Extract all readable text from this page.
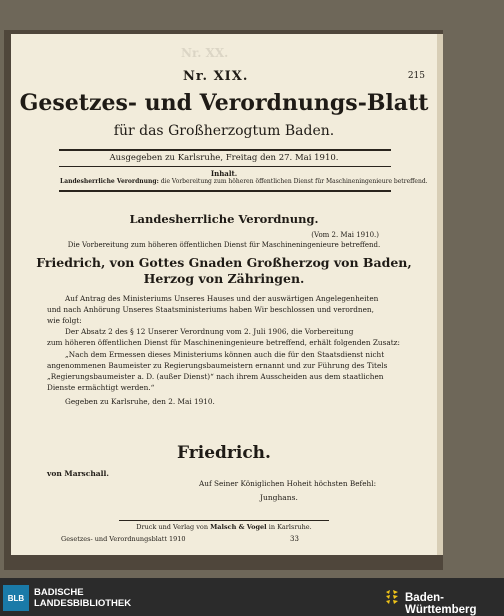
Nr. XX.
215
Nr. XIX.
Gesetzes- und Verordnungs-Blatt
für das Großherzogtum Baden.
Ausgegeben zu Karlsruhe, Freitag den 27. Mai 1910.
Inhalt.
Landesherrliche Verordnung: die Vorbereitung zum höheren öffentlichen Dienst für Maschineningenieure betreffend.
Landesherrliche Verordnung.
(Vom 2. Mai 1910.)
Die Vorbereitung zum höheren öffentlichen Dienst für Maschineningenieure betreffend.
Friedrich, von Gottes Gnaden Großherzog von Baden,
Herzog von Zähringen.
Auf Antrag des Ministeriums Unseres Hauses und der auswärtigen Angelegenheiten
und nach Anhörung Unseres Staatsministeriums haben Wir beschlossen und verordnen,
wie folgt:
Der Absatz 2 des § 12 Unserer Verordnung vom 2. Juli 1906, die Vorbereitung
zum höheren öffentlichen Dienst für Maschineningenieure betreffend, erhält folgenden Zusatz:
„Nach dem Ermessen dieses Ministeriums können auch die für den Staatsdienst nicht
angenommenen Baumeister zu Regierungsbaumeistern ernannt und zur Führung des Titels
„Regierungsbaumeister a. D. (außer Dienst)“ nach ihrem Ausscheiden aus dem staatlichen
Dienste ermächtigt werden.“
Gegeben zu Karlsruhe, den 2. Mai 1910.
Friedrich.
von Marschall.
Auf Seiner Königlichen Hoheit höchsten Befehl:
Junghans.
Druck und Verlag von Malsch & Vogel in Karlsruhe.
Gesetzes- und Verordnungsblatt 1910	33
BLB	BADISCHE
LANDESBIBLIOTHEK	Baden-Württemberg
